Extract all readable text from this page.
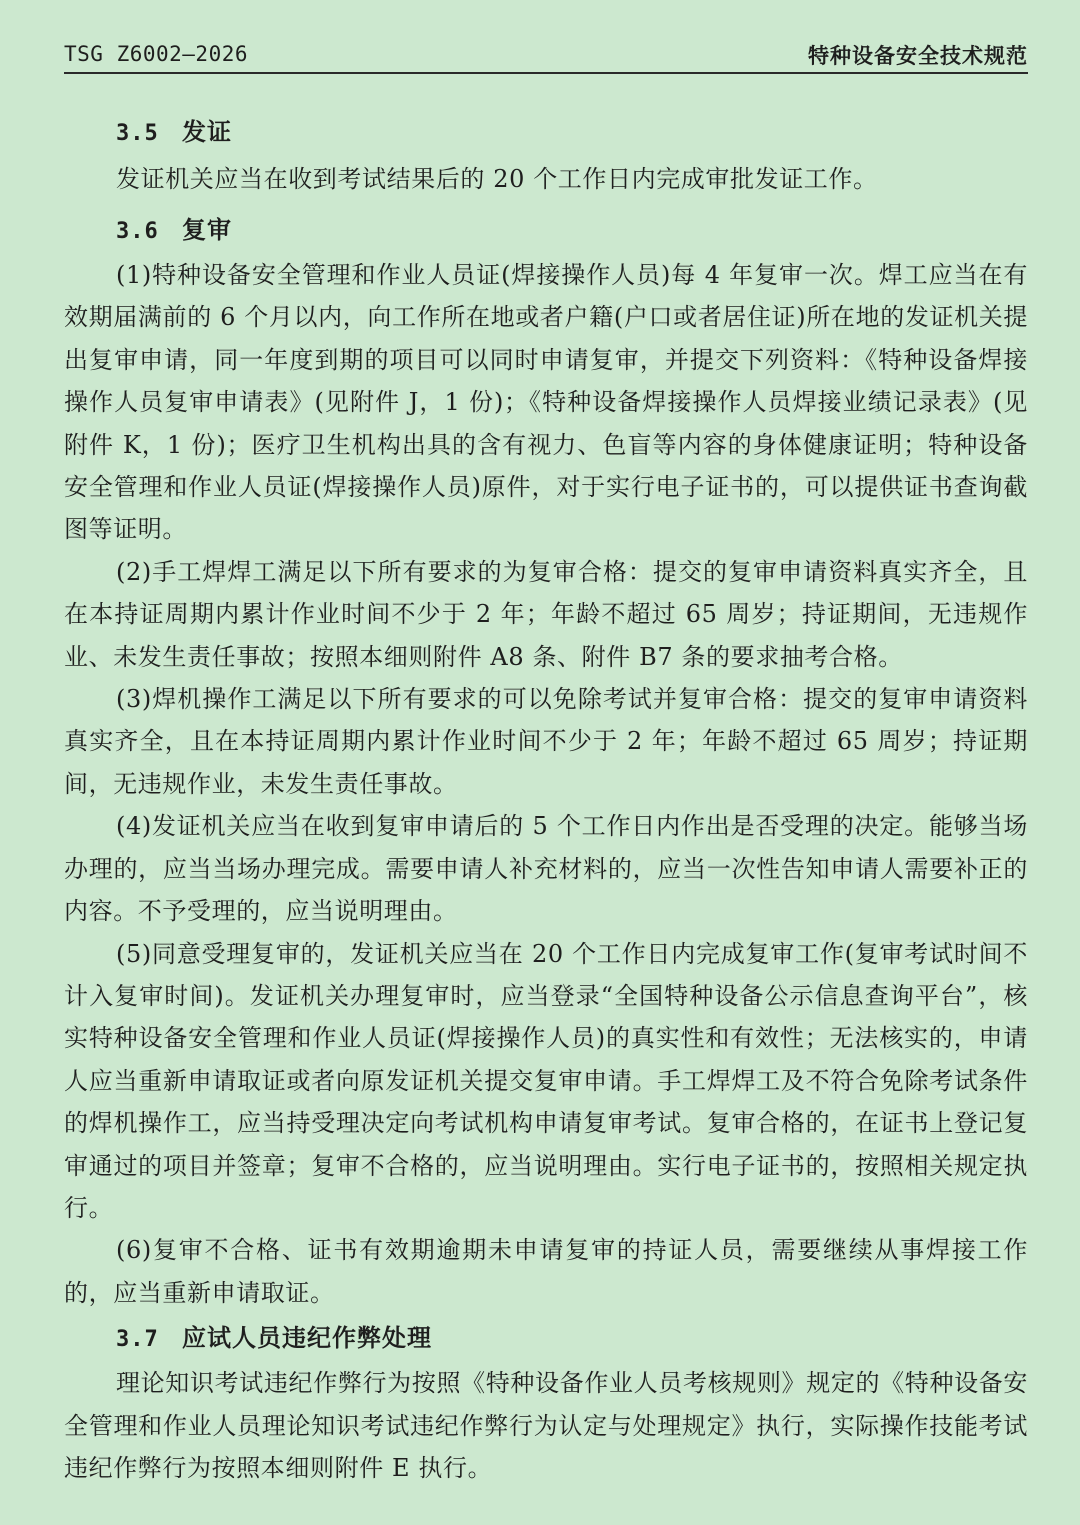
TSG Z6002—2026	特种设备安全技术规范
3.5 发证

发证机关应当在收到考试结果后的 20 个工作日内完成审批发证工作。

3.6 复审

(1)特种设备安全管理和作业人员证(焊接操作人员)每 4 年复审一次。焊工应当在有效期届满前的 6 个月以内，向工作所在地或者户籍(户口或者居住证)所在地的发证机关提出复审申请，同一年度到期的项目可以同时申请复审，并提交下列资料：《特种设备焊接操作人员复审申请表》(见附件 J，1 份)；《特种设备焊接操作人员焊接业绩记录表》(见附件 K，1 份)；医疗卫生机构出具的含有视力、色盲等内容的身体健康证明；特种设备安全管理和作业人员证(焊接操作人员)原件，对于实行电子证书的，可以提供证书查询截图等证明。

(2)手工焊焊工满足以下所有要求的为复审合格：提交的复审申请资料真实齐全，且在本持证周期内累计作业时间不少于 2 年；年龄不超过 65 周岁；持证期间，无违规作业、未发生责任事故；按照本细则附件 A8 条、附件 B7 条的要求抽考合格。

(3)焊机操作工满足以下所有要求的可以免除考试并复审合格：提交的复审申请资料真实齐全，且在本持证周期内累计作业时间不少于 2 年；年龄不超过 65 周岁；持证期间，无违规作业，未发生责任事故。

(4)发证机关应当在收到复审申请后的 5 个工作日内作出是否受理的决定。能够当场办理的，应当当场办理完成。需要申请人补充材料的，应当一次性告知申请人需要补正的内容。不予受理的，应当说明理由。

(5)同意受理复审的，发证机关应当在 20 个工作日内完成复审工作(复审考试时间不计入复审时间)。发证机关办理复审时，应当登录“全国特种设备公示信息查询平台”，核实特种设备安全管理和作业人员证(焊接操作人员)的真实性和有效性；无法核实的，申请人应当重新申请取证或者向原发证机关提交复审申请。手工焊焊工及不符合免除考试条件的焊机操作工，应当持受理决定向考试机构申请复审考试。复审合格的，在证书上登记复审通过的项目并签章；复审不合格的，应当说明理由。实行电子证书的，按照相关规定执行。

(6)复审不合格、证书有效期逾期未申请复审的持证人员，需要继续从事焊接工作的，应当重新申请取证。

3.7 应试人员违纪作弊处理

理论知识考试违纪作弊行为按照《特种设备作业人员考核规则》规定的《特种设备安全管理和作业人员理论知识考试违纪作弊行为认定与处理规定》执行，实际操作技能考试违纪作弊行为按照本细则附件 E 执行。
